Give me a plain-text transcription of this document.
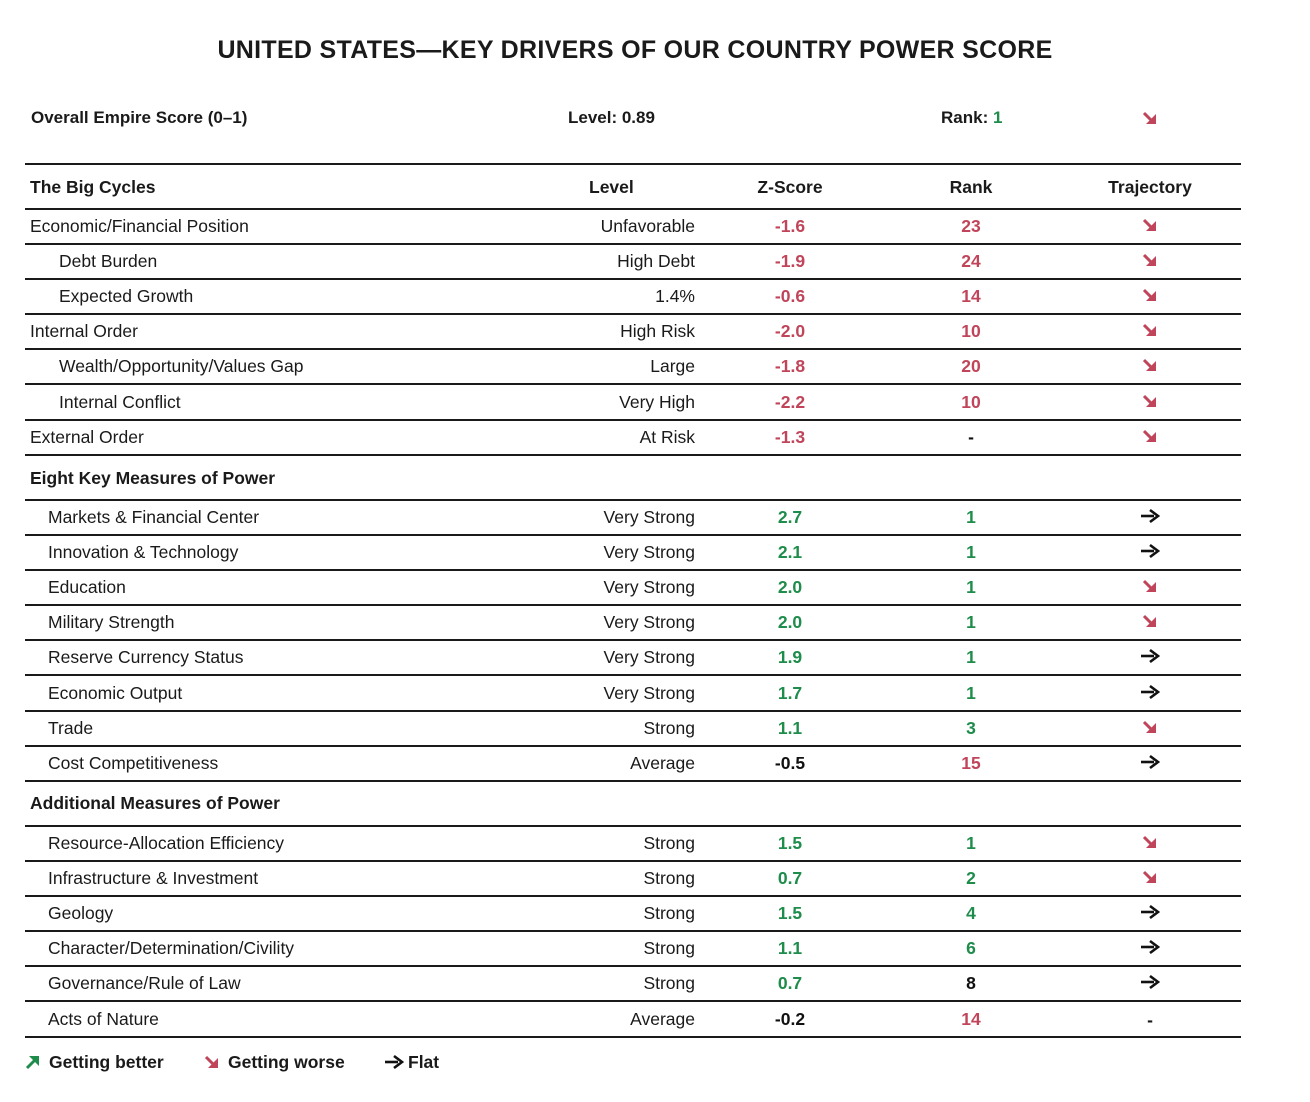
UNITED STATES—KEY DRIVERS OF OUR COUNTRY POWER SCORE
Overall Empire Score (0–1)	Level: 0.89	Rank: 1
The Big Cycles	Level	Z-Score	Rank	Trajectory
Economic/Financial Position	Unfavorable	-1.6	23
Debt Burden	High Debt	-1.9	24
Expected Growth	1.4%	-0.6	14
Internal Order	High Risk	-2.0	10
Wealth/Opportunity/Values Gap	Large	-1.8	20
Internal Conflict	Very High	-2.2	10
External Order	At Risk	-1.3	-
Eight Key Measures of Power
Markets & Financial Center	Very Strong	2.7	1
Innovation & Technology	Very Strong	2.1	1
Education	Very Strong	2.0	1
Military Strength	Very Strong	2.0	1
Reserve Currency Status	Very Strong	1.9	1
Economic Output	Very Strong	1.7	1
Trade	Strong	1.1	3
Cost Competitiveness	Average	-0.5	15
Additional Measures of Power
Resource-Allocation Efficiency	Strong	1.5	1
Infrastructure & Investment	Strong	0.7	2
Geology	Strong	1.5	4
Character/Determination/Civility	Strong	1.1	6
Governance/Rule of Law	Strong	0.7	8
Acts of Nature	Average	-0.2	14	-
Getting better	Getting worse	Flat
